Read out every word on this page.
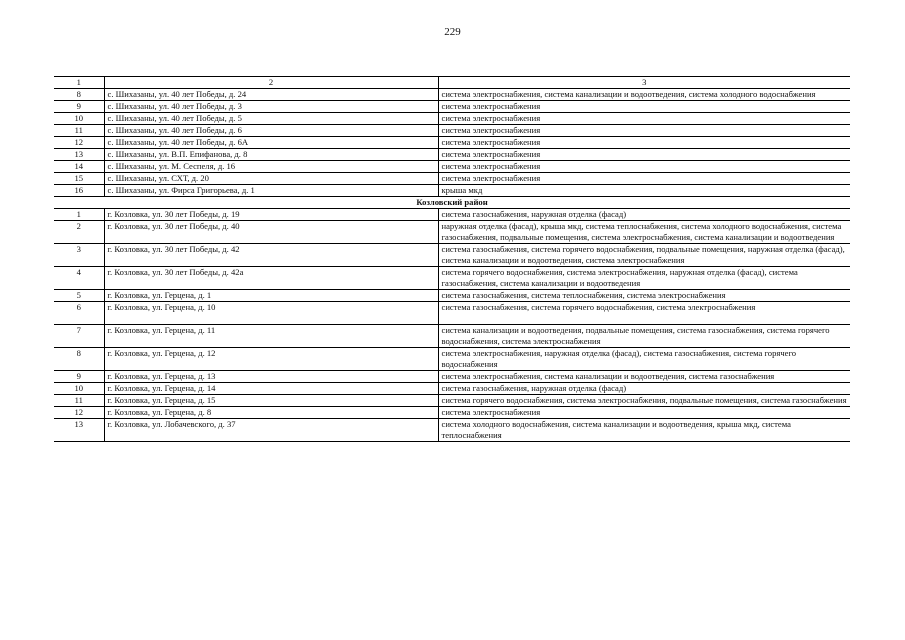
229
1	2	3
8	с. Шихазаны, ул. 40 лет Победы, д. 24	система электроснабжения, система канализации и водоотведения, система холодного водоснабжения
9	с. Шихазаны, ул. 40 лет Победы, д. 3	система электроснабжения
10	с. Шихазаны, ул. 40 лет Победы, д. 5	система электроснабжения
11	с. Шихазаны, ул. 40 лет Победы, д. 6	система электроснабжения
12	с. Шихазаны, ул. 40 лет Победы, д. 6А	система электроснабжения
13	с. Шихазаны, ул. В.П. Епифанова, д. 8	система электроснабжения
14	с. Шихазаны, ул. М. Сеспеля, д. 16	система электроснабжения
15	с. Шихазаны, ул. СХТ, д. 20	система электроснабжения
16	с. Шихазаны, ул. Фирса Григорьева, д. 1	крыша мкд
Козловский район		
1	г. Козловка, ул. 30 лет Победы, д. 19	система газоснабжения, наружная отделка (фасад)
2	г. Козловка, ул. 30 лет Победы, д. 40	наружная отделка (фасад), крыша мкд, система теплоснабжения, система холодного водоснабжения, система газоснабжения, подвальные помещения, система электроснабжения, система канализации и водоотведения
3	г. Козловка, ул. 30 лет Победы, д. 42	система газоснабжения, система горячего водоснабжения, подвальные помещения, наружная отделка (фасад), система канализации и водоотведения, система электроснабжения
4	г. Козловка, ул. 30 лет Победы, д. 42а	система горячего водоснабжения, система электроснабжения, наружная отделка (фасад), система газоснабжения, система канализации и водоотведения
5	г. Козловка, ул. Герцена, д. 1	система газоснабжения, система теплоснабжения, система электроснабжения
6	г. Козловка, ул. Герцена, д. 10	система газоснабжения, система горячего водоснабжения, система электроснабжения
7	г. Козловка, ул. Герцена, д. 11	система канализации и водоотведения, подвальные помещения, система газоснабжения, система горячего водоснабжения, система электроснабжения
8	г. Козловка, ул. Герцена, д. 12	система электроснабжения, наружная отделка (фасад), система газоснабжения, система горячего водоснабжения
9	г. Козловка, ул. Герцена, д. 13	система электроснабжения, система канализации и водоотведения, система газоснабжения
10	г. Козловка, ул. Герцена, д. 14	система газоснабжения, наружная отделка (фасад)
11	г. Козловка, ул. Герцена, д. 15	система горячего водоснабжения, система электроснабжения, подвальные помещения, система газоснабжения
12	г. Козловка, ул. Герцена, д. 8	система электроснабжения
13	г. Козловка, ул. Лобачевского, д. 37	система холодного водоснабжения, система канализации и водоотведения, крыша мкд, система теплоснабжения
